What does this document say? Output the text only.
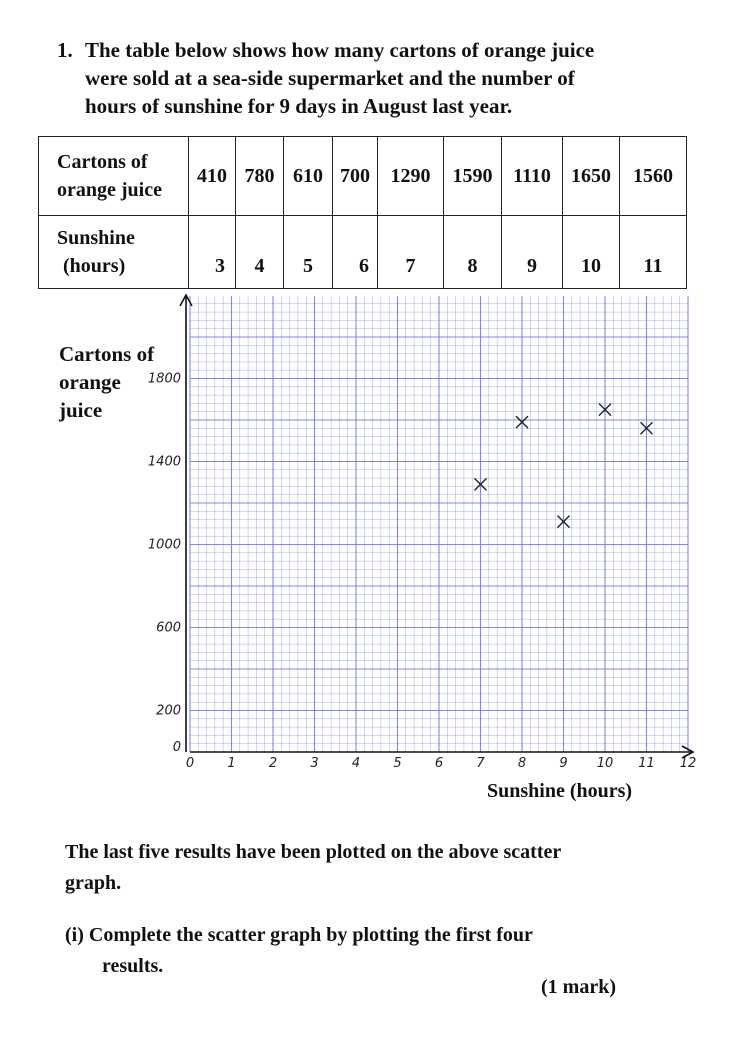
1. The table below shows how many cartons of orange juice
were sold at a sea-side supermarket and the number of
hours of sunshine for 9 days in August last year.
Cartons of
orange juice	410	780	610	700	1290	1590	1110	1650	1560
Sunshine
(hours)	3	4	5	6	7	8	9	10	11
Cartons of
orange
juice
0	1	2	3	4	5	6	7	8	9 10 11 12
0
200
600
1000
1400
1800
Sunshine (hours)
The last five results have been plotted on the above scatter
graph.
(i) Complete the scatter graph by plotting the first four
results.
(1 mark)
